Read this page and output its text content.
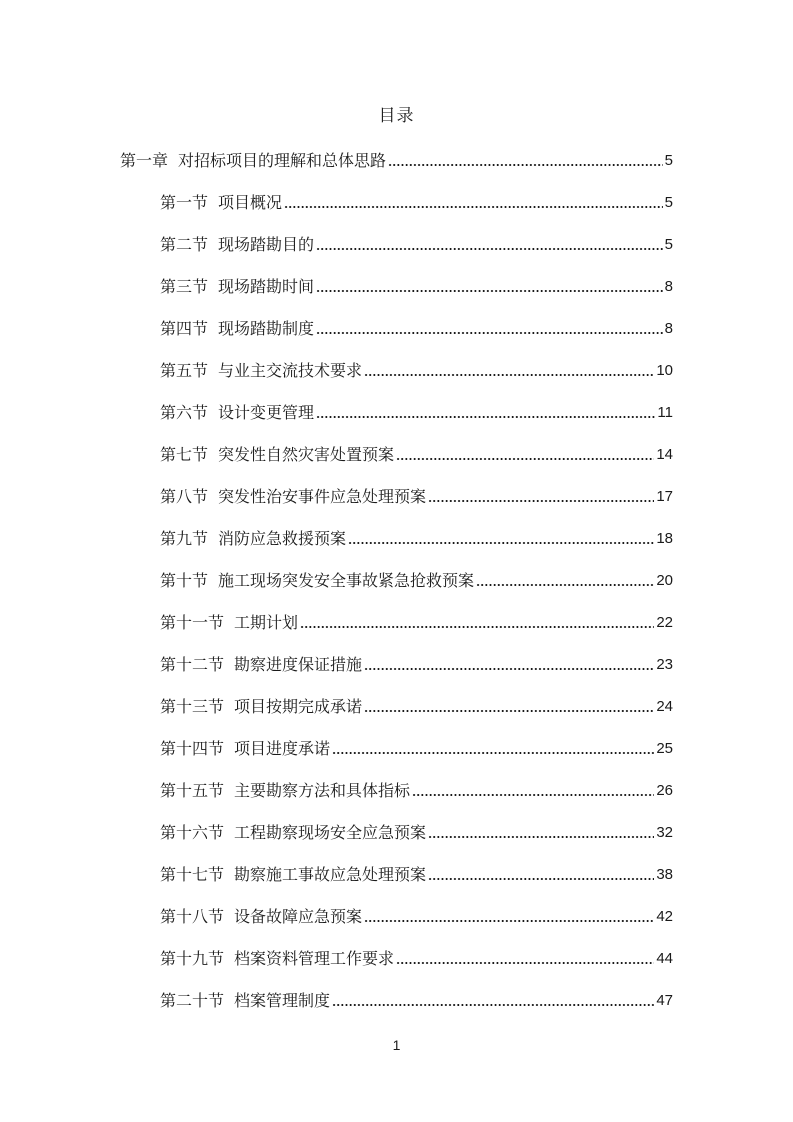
目录
第一章 对招标项目的理解和总体思路	5
第一节 项目概况	5
第二节 现场踏勘目的	5
第三节 现场踏勘时间	8
第四节 现场踏勘制度	8
第五节 与业主交流技术要求	10
第六节 设计变更管理	11
第七节 突发性自然灾害处置预案	14
第八节 突发性治安事件应急处理预案	17
第九节 消防应急救援预案	18
第十节 施工现场突发安全事故紧急抢救预案	20
第十一节 工期计划	22
第十二节 勘察进度保证措施	23
第十三节 项目按期完成承诺	24
第十四节 项目进度承诺	25
第十五节 主要勘察方法和具体指标	26
第十六节 工程勘察现场安全应急预案	32
第十七节 勘察施工事故应急处理预案	38
第十八节 设备故障应急预案	42
第十九节 档案资料管理工作要求	44
第二十节 档案管理制度	47
1
